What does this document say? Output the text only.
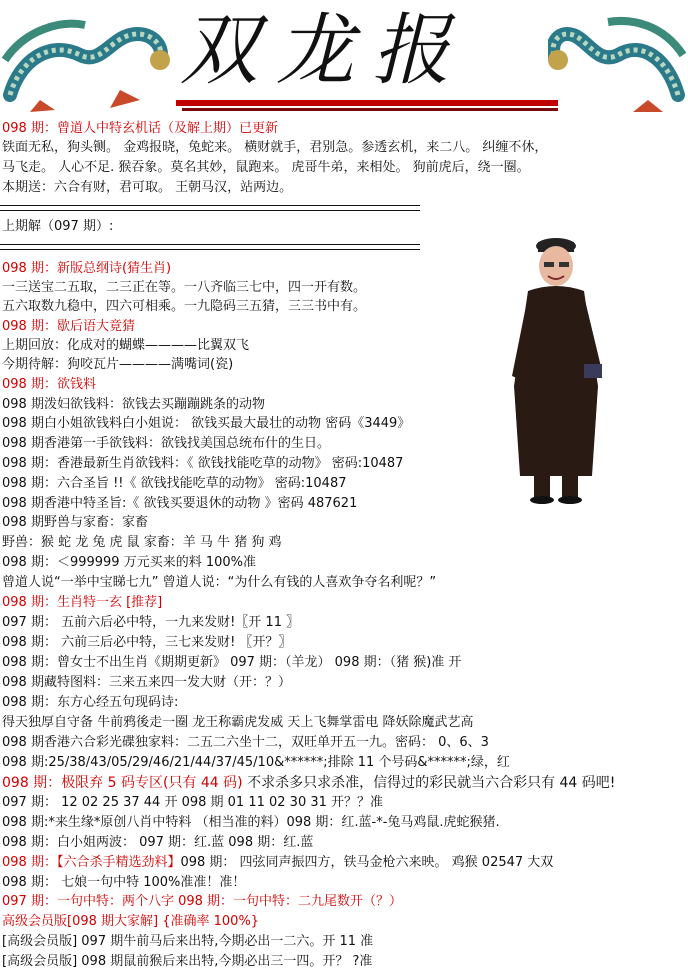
双龙报
098 期：曾道人中特玄机话（及解上期）已更新
铁面无私，狗头铡。 金鸡报晓，兔蛇来。 横财就手，君别急。参透玄机，来二八。 纠缠不休，
马飞走。 人心不足. 猴吞象。莫名其妙，鼠跑来。 虎哥牛弟，来相处。 狗前虎后，绕一圈。
本期送：六合有财，君可取。 王朝马汉，站两边。
上期解（097 期）:
098 期：新版总纲诗(猜生肖)
一三送宝二五取，二三正在等。一八齐临三七中，四一开有数。
五六取数九稳中，四六可相乘。一九隐码三五猜，三三书中有。
098 期：歇后语大竟猜
上期回放：化成对的蝴蝶————比翼双飞
今期待解：狗咬瓦片————满嘴词(瓷)
098 期：欲钱料
098 期泼妇欲钱料：欲钱去买蹦蹦跳条的动物
098 期白小姐欲钱料白小姐说： 欲钱买最大最壮的动物 密码《3449》
098 期香港第一手欲钱料：欲钱找美国总统布什的生日。
098 期：香港最新生肖欲钱料：《 欲钱找能吃草的动物》 密码:10487
098 期：六合圣旨 !!《 欲钱找能吃草的动物》 密码:10487
098 期香港中特圣旨:《 欲钱买要退休的动物 》密码 487621
098 期野兽与家畜：家畜
野兽：猴 蛇 龙 兔 虎 鼠 家畜：羊 马 牛 猪 狗 鸡
098 期：＜999999 万元买来的料 100%准
曾道人说“一举中宝睇七九” 曾道人说：“为什么有钱的人喜欢争夺名利呢？”
098 期：生肖特一玄 [推荐]
097 期： 五前六后必中特，一九来发财!〖开 11 〗
098 期： 六前三后必中特，三七来发财! 〖开？〗
098 期：曾女士不出生肖《期期更新》 097 期：（羊龙） 098 期：（猪 猴)准 开
098 期藏特图料：三来五来四一发大财（开：？）
098 期：东方心经五句现码诗:
得天独厚自守备 牛前鸦後走一圈 龙王称霸虎发威 天上飞舞掌雷电 降妖除魔武艺高
098 期香港六合彩光碟独家料：二五二六坐十二，双旺单开五一九。密码： 0、6、3
098 期:25/38/43/05/29/46/21/44/37/45/10&******;排除 11 个号码&******;绿，红
097 期： 12 02 25 37 44 开 098 期 01 11 02 30 31 开？？准
098 期:*来生缘*原创八肖中特料 （相当准的料）098 期：红.蓝-*-兔马鸡鼠.虎蛇猴猪.
098 期：白小姐两波： 097 期：红.蓝 098 期：红.蓝
098 期： 七娘一句中特 100%准准！准！
高级会员版[098 期大家解] {准确率 100%}
[高级会员版] 097 期牛前马后来出特,今期必出一二六。开 11 准
[高级会员版] 098 期鼠前猴后来出特,今期必出三一四。开？ ?准
098 期：极限弃 5 码专区(只有 44 码) 不求杀多只求杀准，信得过的彩民就当六合彩只有 44 码吧!
098 期：【六合杀手精选劲料】098 期： 四弦同声振四方，铁马金枪六来映。 鸡猴 02547 大双
097 期：一句中特：两个八字 098 期：一句中特：二九尾数开（？）
